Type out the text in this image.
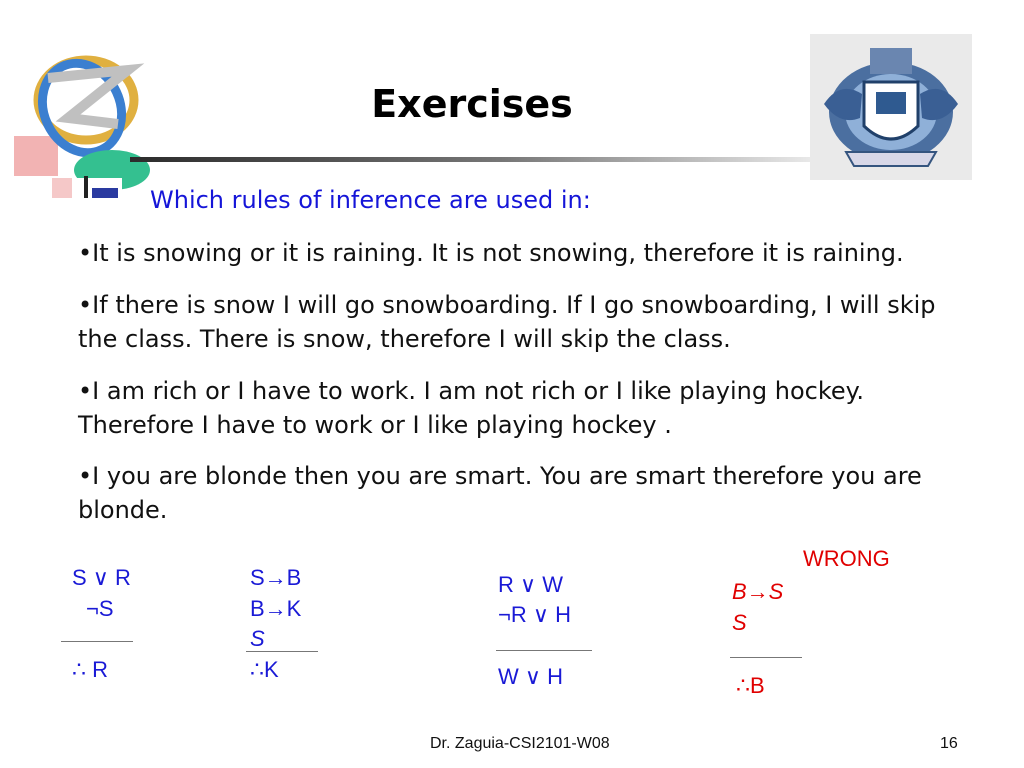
Exercises
Which rules of inference are used in:
•It is snowing or it is raining. It is not snowing, therefore it is raining.
•If there is snow I will go snowboarding. If I go snowboarding, I will skip the class. There is snow, therefore I will skip the class.
•I am rich or I have to work. I am not rich or I like playing hockey. Therefore I have to work or I like playing hockey .
•I you are blonde then you are smart. You are smart therefore you are blonde.
S ∨ R
¬S
∴ R
S→B
B→K
S
∴K
R ∨ W
¬R ∨ H
W ∨ H
WRONG
B→S
S
∴B
Dr. Zaguia-CSI2101-W08	16
